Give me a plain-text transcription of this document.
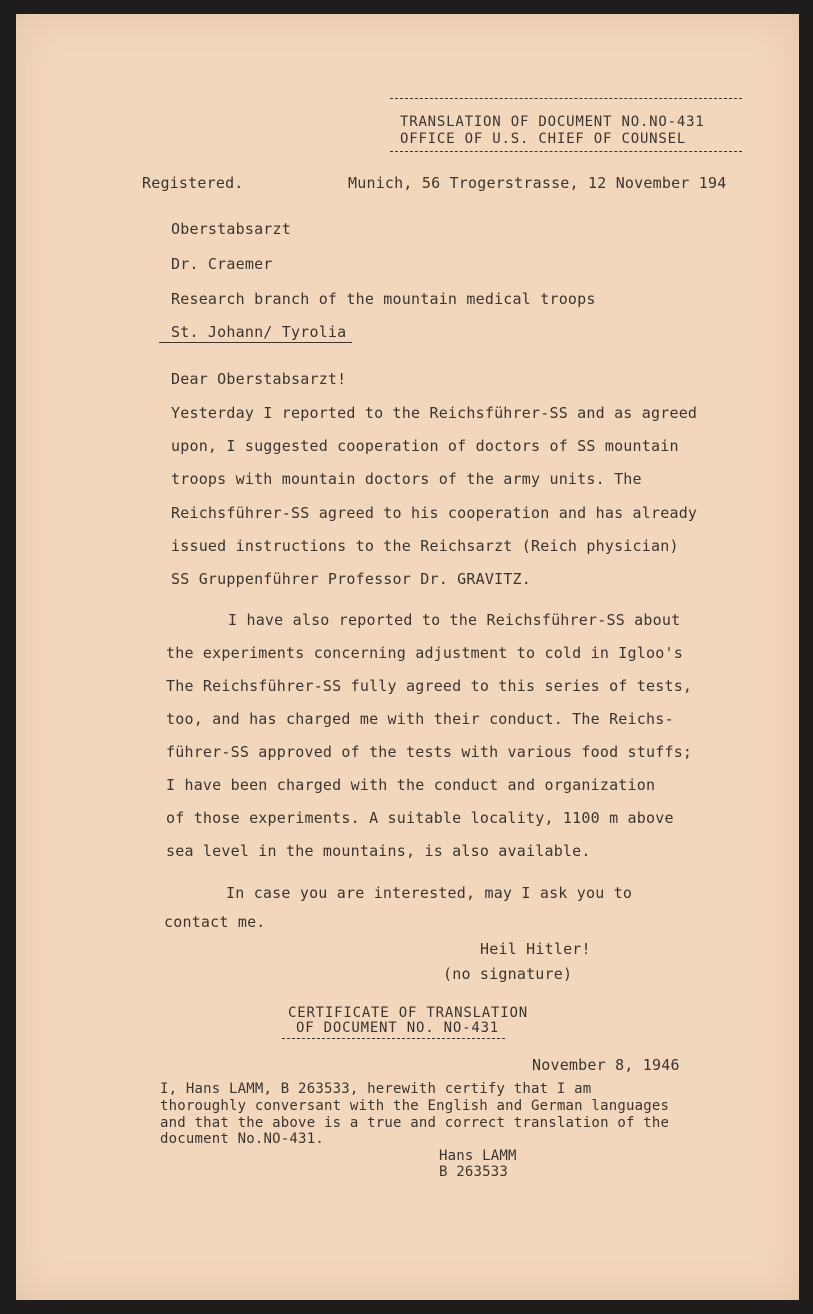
TRANSLATION OF DOCUMENT NO.NO-431
OFFICE OF U.S. CHIEF OF COUNSEL
Registered.	Munich, 56 Trogerstrasse, 12 November 194
Oberstabsarzt
Dr. Craemer
Research branch of the mountain medical troops
St. Johann/ Tyrolia
Dear Oberstabsarzt!
Yesterday I reported to the Reichsführer-SS and as agreed
upon, I suggested cooperation of doctors of SS mountain
troops with mountain doctors of the army units. The
Reichsführer-SS agreed to his cooperation and has already
issued instructions to the Reichsarzt (Reich physician)
SS Gruppenführer Professor Dr. GRAVITZ.
I have also reported to the Reichsführer-SS about
the experiments concerning adjustment to cold in Igloo's
The Reichsführer-SS fully agreed to this series of tests,
too, and has charged me with their conduct. The Reichs-
führer-SS approved of the tests with various food stuffs;
I have been charged with the conduct and organization
of those experiments. A suitable locality, 1100 m above
sea level in the mountains, is also available.
In case you are interested, may I ask you to
contact me.
Heil Hitler!
(no signature)
CERTIFICATE OF TRANSLATION
OF DOCUMENT NO. NO-431
November 8, 1946
I, Hans LAMM, B 263533, herewith certify that I am
thoroughly conversant with the English and German languages
and that the above is a true and correct translation of the
document No.NO-431.
Hans LAMM
B 263533
